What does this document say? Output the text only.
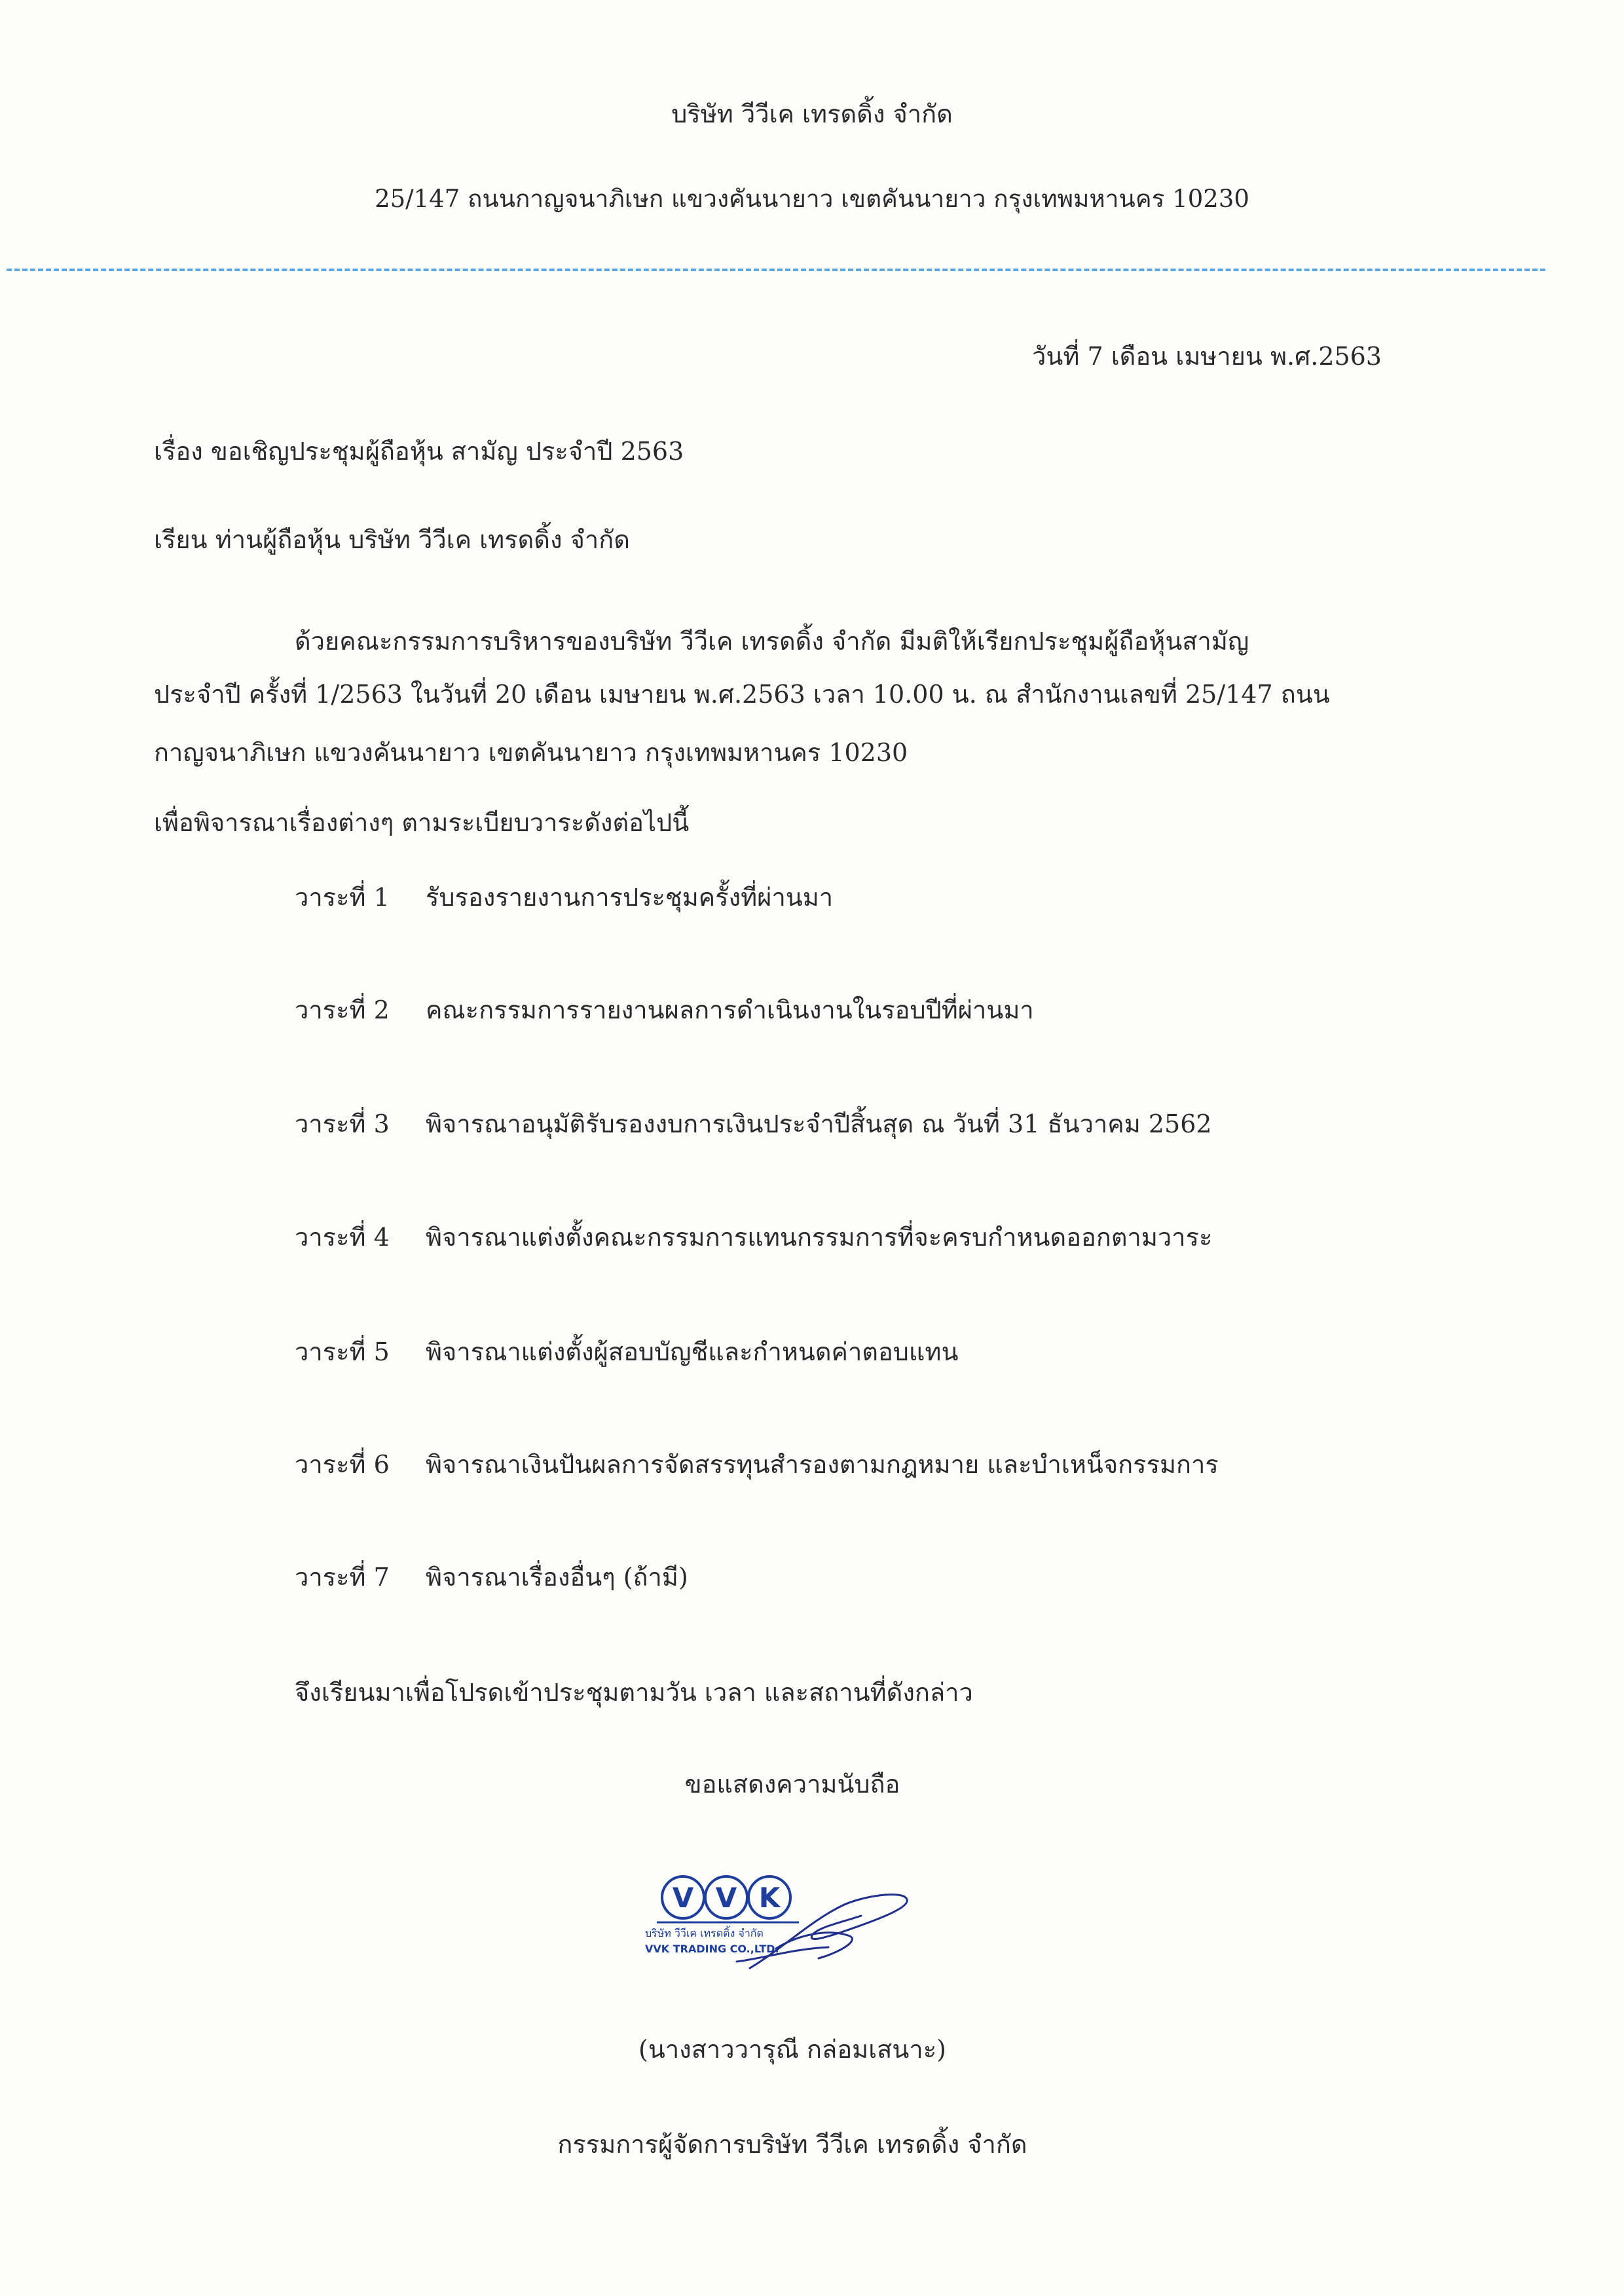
บริษัท วีวีเค เทรดดิ้ง จำกัด
25/147 ถนนกาญจนาภิเษก แขวงคันนายาว เขตคันนายาว กรุงเทพมหานคร 10230
วันที่ 7 เดือน เมษายน พ.ศ.2563
เรื่อง ขอเชิญประชุมผู้ถือหุ้น สามัญ ประจำปี 2563
เรียน ท่านผู้ถือหุ้น บริษัท วีวีเค เทรดดิ้ง จำกัด
ด้วยคณะกรรมการบริหารของบริษัท วีวีเค เทรดดิ้ง จำกัด มีมติให้เรียกประชุมผู้ถือหุ้นสามัญ
ประจำปี ครั้งที่ 1/2563 ในวันที่ 20 เดือน เมษายน พ.ศ.2563 เวลา 10.00 น. ณ สำนักงานเลขที่ 25/147 ถนน
กาญจนาภิเษก แขวงคันนายาว เขตคันนายาว กรุงเทพมหานคร 10230
เพื่อพิจารณาเรื่องต่างๆ ตามระเบียบวาระดังต่อไปนี้
วาระที่ 1 รับรองรายงานการประชุมครั้งที่ผ่านมา
วาระที่ 2 คณะกรรมการรายงานผลการดำเนินงานในรอบปีที่ผ่านมา
วาระที่ 3 พิจารณาอนุมัติรับรองงบการเงินประจำปีสิ้นสุด ณ วันที่ 31 ธันวาคม 2562
วาระที่ 4 พิจารณาแต่งตั้งคณะกรรมการแทนกรรมการที่จะครบกำหนดออกตามวาระ
วาระที่ 5 พิจารณาแต่งตั้งผู้สอบบัญชีและกำหนดค่าตอบแทน
วาระที่ 6 พิจารณาเงินปันผลการจัดสรรทุนสำรองตามกฎหมาย และบำเหน็จกรรมการ
วาระที่ 7 พิจารณาเรื่องอื่นๆ (ถ้ามี)
จึงเรียนมาเพื่อโปรดเข้าประชุมตามวัน เวลา และสถานที่ดังกล่าว
ขอแสดงความนับถือ
V V K
บริษัท วีวีเค เทรดดิ้ง จำกัด
VVK TRADING CO.,LTD.
(นางสาววารุณี กล่อมเสนาะ)
กรรมการผู้จัดการบริษัท วีวีเค เทรดดิ้ง จำกัด
